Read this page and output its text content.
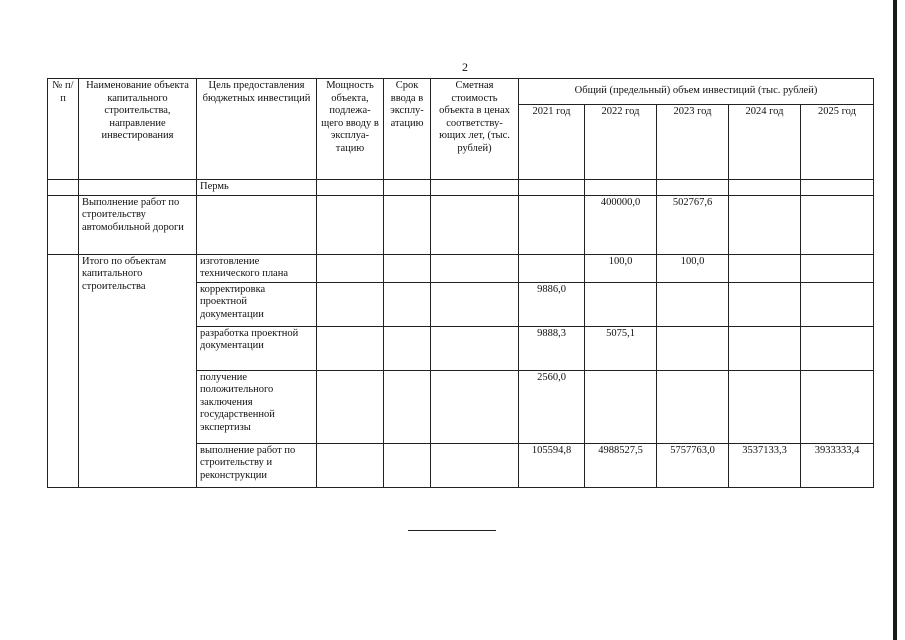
2
№ п/п	Наименование объекта капитального строительства, направление инвестирования	Цель предоставления бюджетных инвестиций	Мощность объекта, подлежа-щего вводу в эксплуа-тацию	Срок ввода в эксплу-атацию	Сметная стоимость объекта в ценах соответству-ющих лет, (тыс. рублей)	Общий (предельный) объем инвестиций (тыс. рублей)				
						2021 год	2022 год	2023 год	2024 год	2025 год
		Пермь								
	Выполнение работ по строительству автомобильной дороги						400000,0	502767,6		
	Итого по объектам капитального строительства	изготовление технического плана					100,0	100,0		
		корректировка проектной документации				9886,0				
		разработка проектной документации				9888,3	5075,1			
		получение положительного заключения государственной экспертизы				2560,0				
		выполнение работ по строительству и реконструкции				105594,8	4988527,5	5757763,0	3537133,3	3933333,4
